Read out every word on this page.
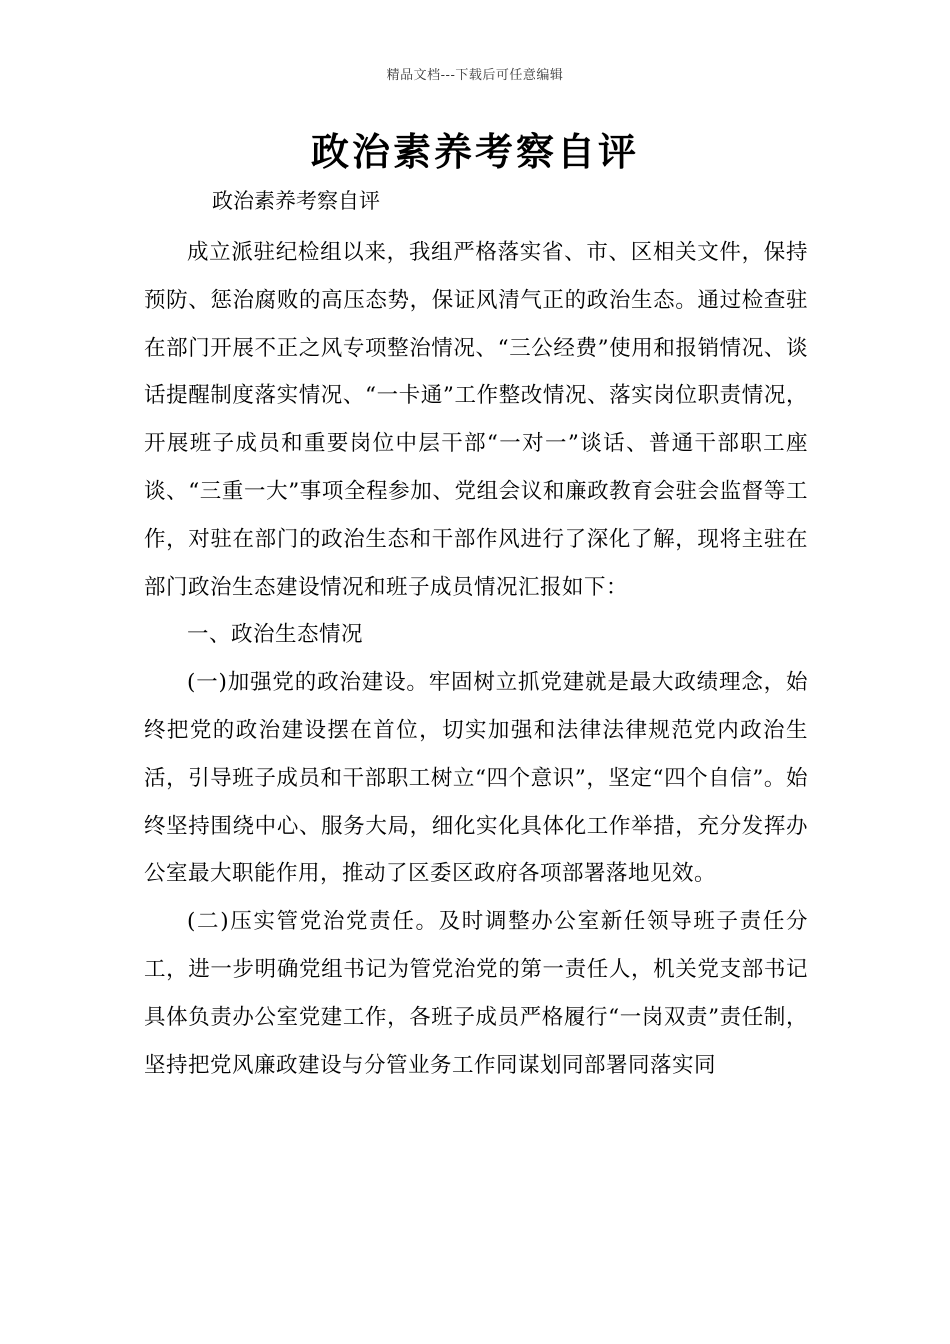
精品文档---下载后可任意编辑
政治素养考察自评
政治素养考察自评

成立派驻纪检组以来，我组严格落实省、市、区相关文件，保持预防、惩治腐败的高压态势，保证风清气正的政治生态。通过检查驻在部门开展不正之风专项整治情况、“三公经费”使用和报销情况、谈话提醒制度落实情况、“一卡通”工作整改情况、落实岗位职责情况，开展班子成员和重要岗位中层干部“一对一”谈话、普通干部职工座谈、“三重一大”事项全程参加、党组会议和廉政教育会驻会监督等工作，对驻在部门的政治生态和干部作风进行了深化了解，现将主驻在部门政治生态建设情况和班子成员情况汇报如下：

一、政治生态情况

(一)加强党的政治建设。牢固树立抓党建就是最大政绩理念，始终把党的政治建设摆在首位，切实加强和法律法律规范党内政治生活，引导班子成员和干部职工树立“四个意识”，坚定“四个自信”。始终坚持围绕中心、服务大局，细化实化具体化工作举措，充分发挥办公室最大职能作用，推动了区委区政府各项部署落地见效。

(二)压实管党治党责任。及时调整办公室新任领导班子责任分工，进一步明确党组书记为管党治党的第一责任人，机关党支部书记具体负责办公室党建工作，各班子成员严格履行“一岗双责”责任制，坚持把党风廉政建设与分管业务工作同谋划同部署同落实同
